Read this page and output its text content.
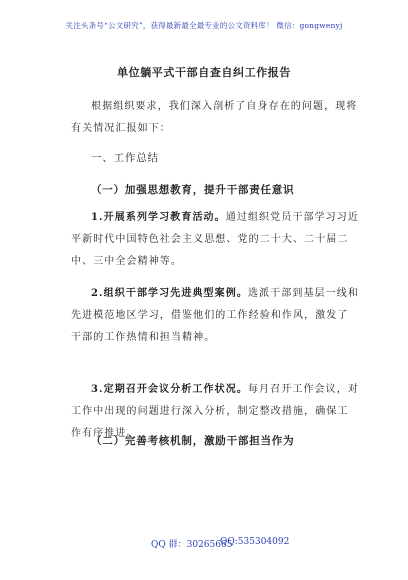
关注头条号“公文研究”，获得最新最全最专业的公文资料库！ 微信：gongwenyj
单位躺平式干部自查自纠工作报告
根据组织要求，我们深入剖析了自身存在的问题，现将
有关情况汇报如下：
一、工作总结
（一）加强思想教育，提升干部责任意识
1.开展系列学习教育活动。通过组织党员干部学习习近
平新时代中国特色社会主义思想、党的二十大、二十届二
中、三中全会精神等。
2.组织干部学习先进典型案例。选派干部到基层一线和
先进模范地区学习，借鉴他们的工作经验和作风，激发了
干部的工作热情和担当精神。
3.定期召开会议分析工作状况。每月召开工作会议，对
工作中出现的问题进行深入分析，制定整改措施，确保工
作有序推进。
（二）完善考核机制，激励干部担当作为
QQ 群：30265665
QQ:535304092
